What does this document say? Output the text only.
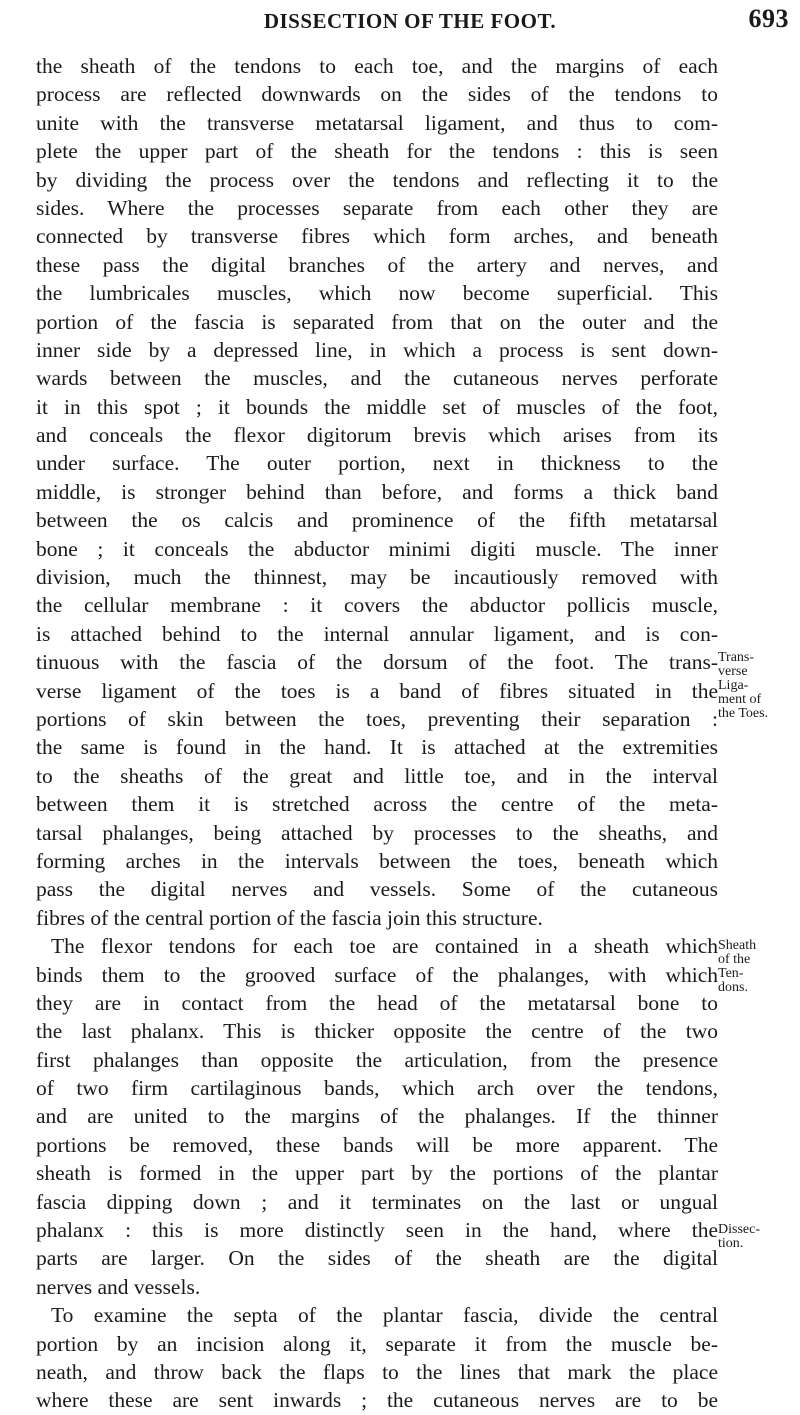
DISSECTION OF THE FOOT.	693
the sheath of the tendons to each toe, and the margins of each
process are reflected downwards on the sides of the tendons to
unite with the transverse metatarsal ligament, and thus to com-
plete the upper part of the sheath for the tendons : this is seen
by dividing the process over the tendons and reflecting it to the
sides. Where the processes separate from each other they are
connected by transverse fibres which form arches, and beneath
these pass the digital branches of the artery and nerves, and
the lumbricales muscles, which now become superficial. This
portion of the fascia is separated from that on the outer and the
inner side by a depressed line, in which a process is sent down-
wards between the muscles, and the cutaneous nerves perforate
it in this spot ; it bounds the middle set of muscles of the foot,
and conceals the flexor digitorum brevis which arises from its
under surface. The outer portion, next in thickness to the
middle, is stronger behind than before, and forms a thick band
between the os calcis and prominence of the fifth metatarsal
bone ; it conceals the abductor minimi digiti muscle. The inner
division, much the thinnest, may be incautiously removed with
the cellular membrane : it covers the abductor pollicis muscle,
is attached behind to the internal annular ligament, and is con-
tinuous with the fascia of the dorsum of the foot. The trans-
verse ligament of the toes is a band of fibres situated in the
portions of skin between the toes, preventing their separation :
the same is found in the hand. It is attached at the extremities
to the sheaths of the great and little toe, and in the interval
between them it is stretched across the centre of the meta-
tarsal phalanges, being attached by processes to the sheaths, and
forming arches in the intervals between the toes, beneath which
pass the digital nerves and vessels. Some of the cutaneous
fibres of the central portion of the fascia join this structure.
The flexor tendons for each toe are contained in a sheath which
binds them to the grooved surface of the phalanges, with which
they are in contact from the head of the metatarsal bone to
the last phalanx. This is thicker opposite the centre of the two
first phalanges than opposite the articulation, from the presence
of two firm cartilaginous bands, which arch over the tendons,
and are united to the margins of the phalanges. If the thinner
portions be removed, these bands will be more apparent. The
sheath is formed in the upper part by the portions of the plantar
fascia dipping down ; and it terminates on the last or ungual
phalanx : this is more distinctly seen in the hand, where the
parts are larger. On the sides of the sheath are the digital
nerves and vessels.
To examine the septa of the plantar fascia, divide the central
portion by an incision along it, separate it from the muscle be-
neath, and throw back the flaps to the lines that mark the place
where these are sent inwards ; the cutaneous nerves are to be
Trans-
verse
Liga-
ment of
the Toes.
Sheath
of the
Ten-
dons.
Dissec-
tion.
